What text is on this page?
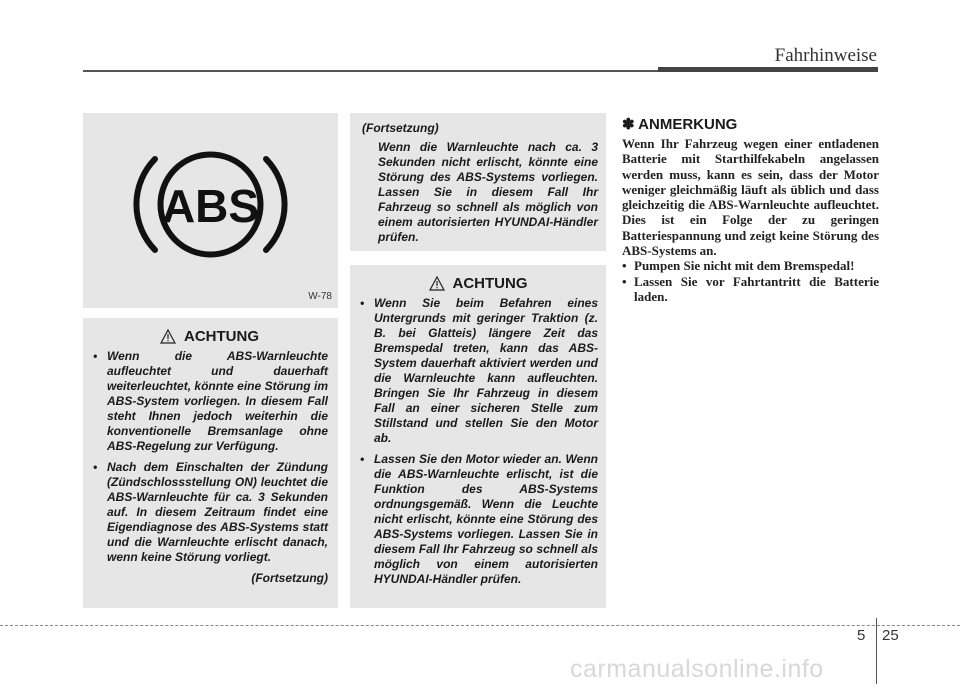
Fahrhinweise
ABS
W-78
ACHTUNG
• Wenn die ABS-Warnleuchte aufleuchtet und dauerhaft weiterleuchtet, könnte eine Störung im ABS-System vorliegen. In diesem Fall steht Ihnen jedoch weiterhin die konventionelle Bremsanlage ohne ABS-Regelung zur Verfügung.
• Nach dem Einschalten der Zündung (Zündschlossstellung ON) leuchtet die ABS-Warnleuchte für ca. 3 Sekunden auf. In diesem Zeitraum findet eine Eigendiagnose des ABS-Systems statt und die Warnleuchte erlischt danach, wenn keine Störung vorliegt.
(Fortsetzung)
(Fortsetzung)
Wenn die Warnleuchte nach ca. 3 Sekunden nicht erlischt, könnte eine Störung des ABS-Systems vorliegen. Lassen Sie in diesem Fall Ihr Fahrzeug so schnell als möglich von einem autorisierten HYUNDAI-Händler prüfen.
ACHTUNG
• Wenn Sie beim Befahren eines Untergrunds mit geringer Traktion (z. B. bei Glatteis) längere Zeit das Bremspedal treten, kann das ABS-System dauerhaft aktiviert werden und die Warnleuchte kann aufleuchten. Bringen Sie Ihr Fahrzeug in diesem Fall an einer sicheren Stelle zum Stillstand und stellen Sie den Motor ab.
• Lassen Sie den Motor wieder an. Wenn die ABS-Warnleuchte erlischt, ist die Funktion des ABS-Systems ordnungsgemäß. Wenn die Leuchte nicht erlischt, könnte eine Störung des ABS-Systems vorliegen. Lassen Sie in diesem Fall Ihr Fahrzeug so schnell als möglich von einem autorisierten HYUNDAI-Händler prüfen.
✽ ANMERKUNG
Wenn Ihr Fahrzeug wegen einer entladenen Batterie mit Starthilfekabeln angelassen werden muss, kann es sein, dass der Motor weniger gleichmäßig läuft als üblich und dass gleichzeitig die ABS-Warnleuchte aufleuchtet. Dies ist ein Folge der zu geringen Batteriespannung und zeigt keine Störung des ABS-Systems an.
• Pumpen Sie nicht mit dem Bremspedal!
• Lassen Sie vor Fahrtantritt die Batterie laden.
5 25
carmanualsonline.info
